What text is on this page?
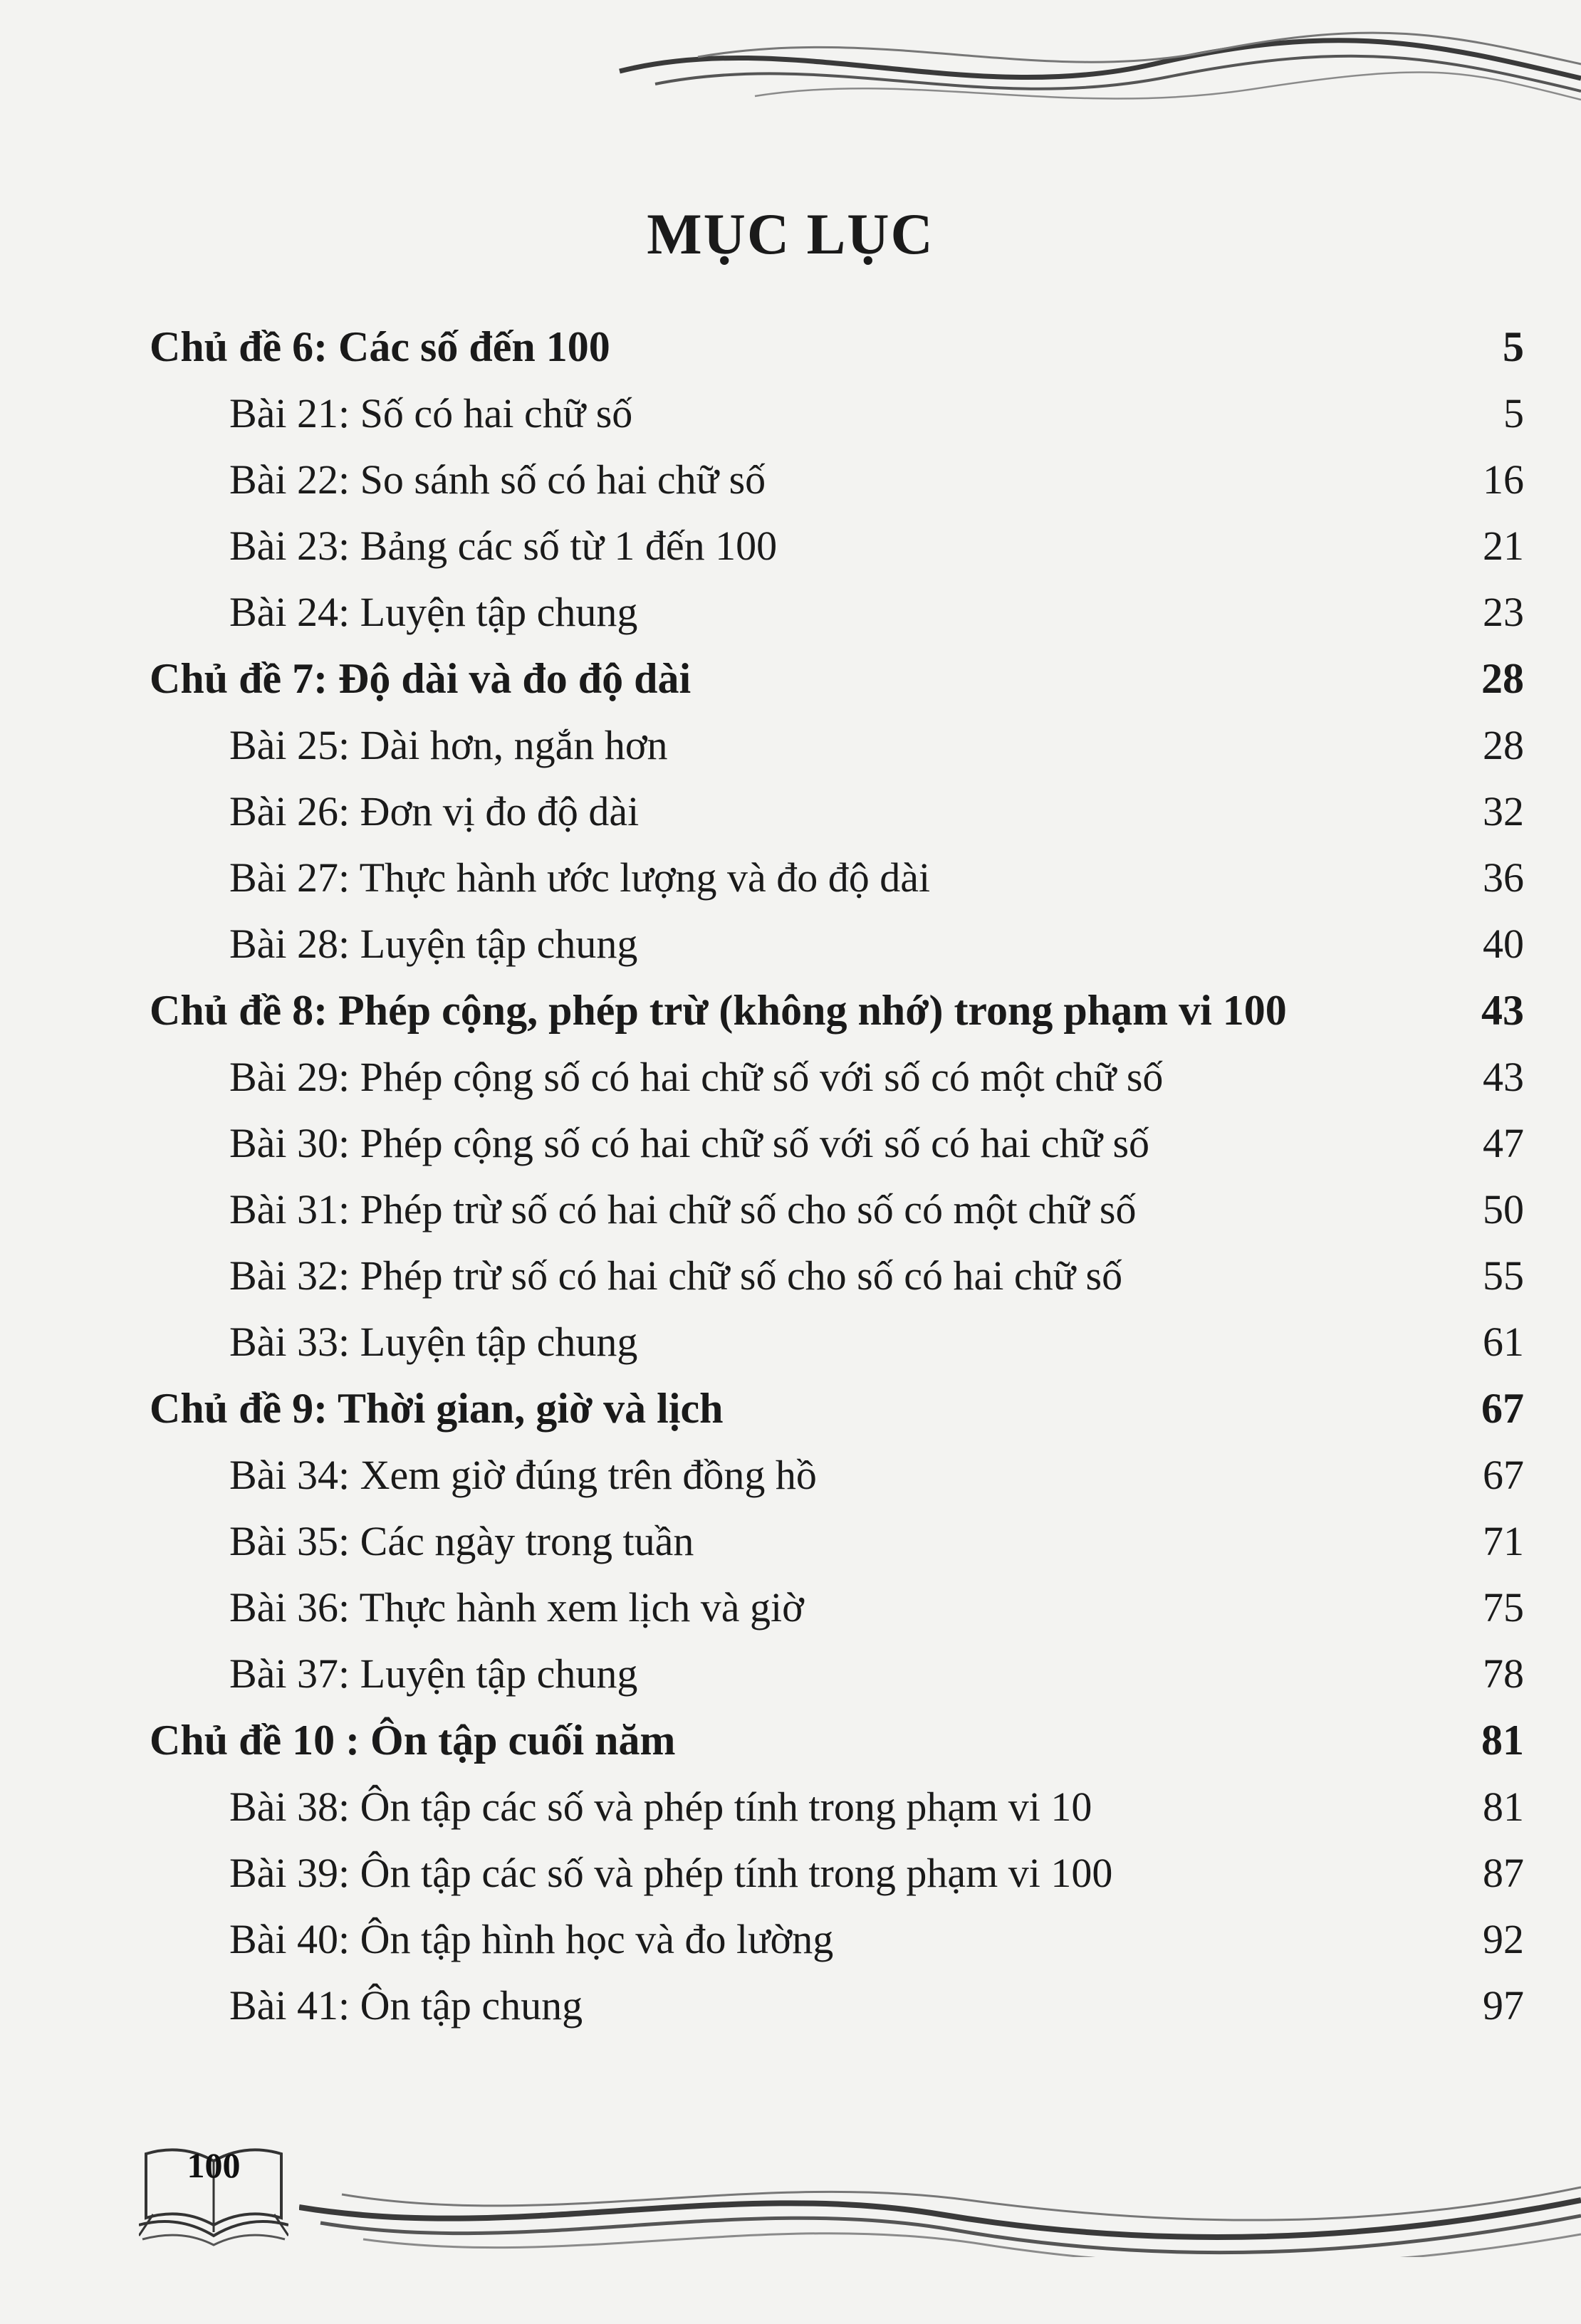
MỤC LỤC
Chủ đề 6: Các số đến 100	5
Bài 21: Số có hai chữ số	5
Bài 22: So sánh số có hai chữ số	16
Bài 23: Bảng các số từ 1 đến 100	21
Bài 24: Luyện tập chung	23
Chủ đề 7: Độ dài và đo độ dài	28
Bài 25: Dài hơn, ngắn hơn	28
Bài 26: Đơn vị đo độ dài	32
Bài 27: Thực hành ước lượng và đo độ dài	36
Bài 28: Luyện tập chung	40
Chủ đề 8: Phép cộng, phép trừ (không nhớ) trong phạm vi 100	43
Bài 29: Phép cộng số có hai chữ số với số có một chữ số	43
Bài 30: Phép cộng số có hai chữ số với số có hai chữ số	47
Bài 31: Phép trừ số có hai chữ số cho số có một chữ số	50
Bài 32: Phép trừ số có hai chữ số cho số có hai chữ số	55
Bài 33: Luyện tập chung	61
Chủ đề 9: Thời gian, giờ và lịch	67
Bài 34: Xem giờ đúng trên đồng hồ	67
Bài 35: Các ngày trong tuần	71
Bài 36: Thực hành xem lịch và giờ	75
Bài 37: Luyện tập chung	78
Chủ đề 10 : Ôn tập cuối năm	81
Bài 38: Ôn tập các số và phép tính trong phạm vi 10	81
Bài 39: Ôn tập các số và phép tính trong phạm vi 100	87
Bài 40: Ôn tập hình học và đo lường	92
Bài 41: Ôn tập chung	97
100
